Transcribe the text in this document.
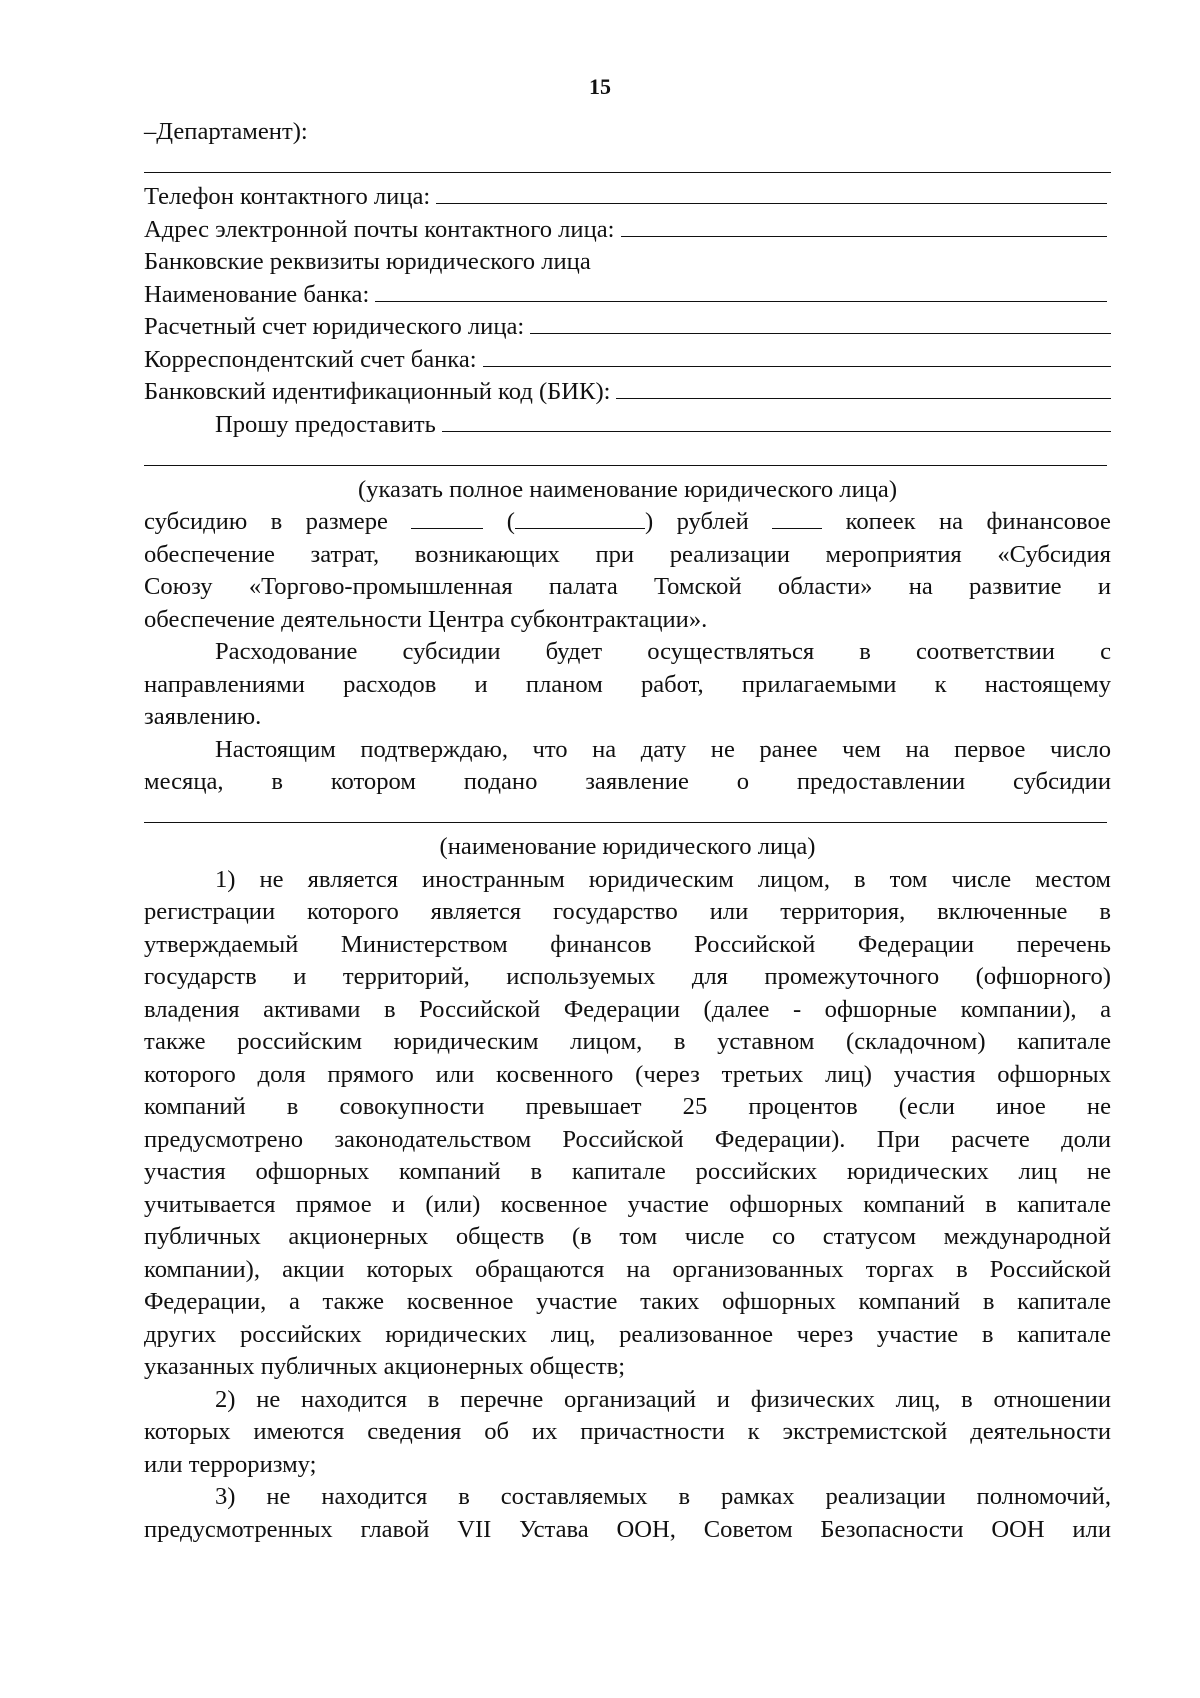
15
–Департамент):
Телефон контактного лица:
Адрес электронной почты контактного лица:
Банковские реквизиты юридического лица
Наименование банка:
Расчетный счет юридического лица:
Корреспондентский счет банка:
Банковский идентификационный код (БИК):
Прошу предоставить
(указать полное наименование юридического лица)
субсидию в размере	(	) рублей	копеек на финансовое
обеспечение затрат, возникающих при реализации мероприятия «Субсидия
Союзу «Торгово-промышленная палата Томской области» на развитие и
обеспечение деятельности Центра субконтрактации».
Расходование субсидии будет осуществляться в соответствии с
направлениями расходов и планом работ, прилагаемыми к настоящему
заявлению.
Настоящим подтверждаю, что на дату не ранее чем на первое число
месяца, в котором подано заявление о предоставлении субсидии
(наименование юридического лица)
1) не является иностранным юридическим лицом, в том числе местом
регистрации которого является государство или территория, включенные в
утверждаемый Министерством финансов Российской Федерации перечень
государств и территорий, используемых для промежуточного (офшорного)
владения активами в Российской Федерации (далее - офшорные компании), а
также российским юридическим лицом, в уставном (складочном) капитале
которого доля прямого или косвенного (через третьих лиц) участия офшорных
компаний в совокупности превышает 25 процентов (если иное не
предусмотрено законодательством Российской Федерации). При расчете доли
участия офшорных компаний в капитале российских юридических лиц не
учитывается прямое и (или) косвенное участие офшорных компаний в капитале
публичных акционерных обществ (в том числе со статусом международной
компании), акции которых обращаются на организованных торгах в Российской
Федерации, а также косвенное участие таких офшорных компаний в капитале
других российских юридических лиц, реализованное через участие в капитале
указанных публичных акционерных обществ;
2) не находится в перечне организаций и физических лиц, в отношении
которых имеются сведения об их причастности к экстремистской деятельности
или терроризму;
3) не находится в составляемых в рамках реализации полномочий,
предусмотренных главой VII Устава ООН, Советом Безопасности ООН или
